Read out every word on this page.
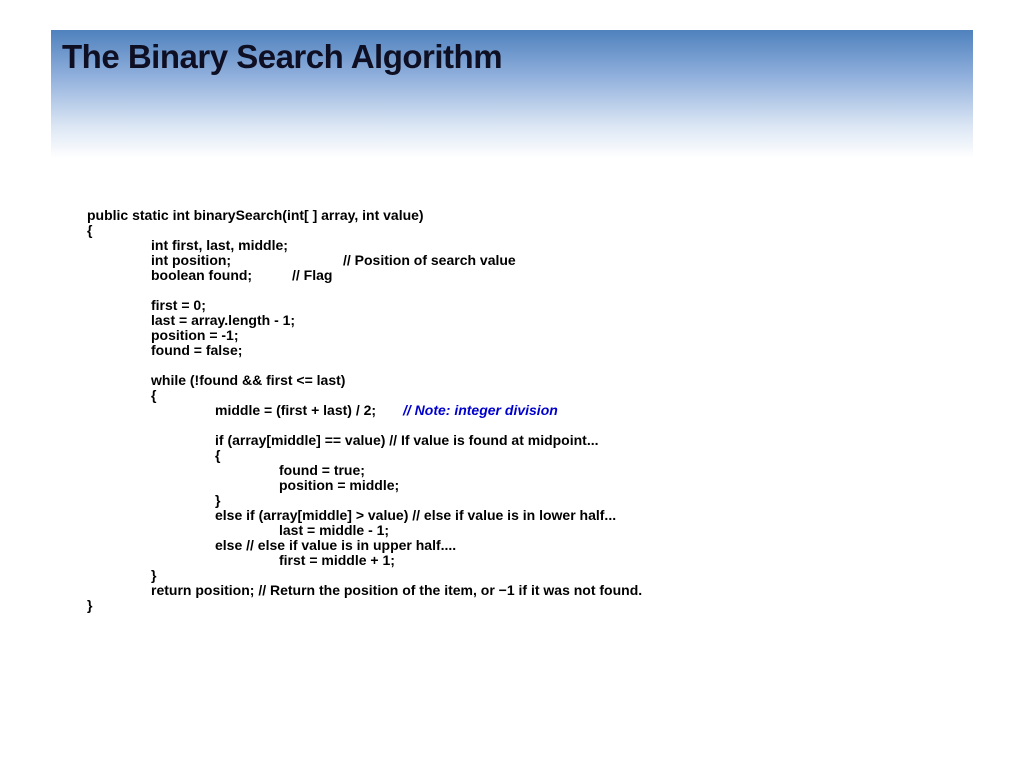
The Binary Search Algorithm
public static int binarySearch(int[ ] array, int value)
{
int first, last, middle;
int position;	// Position of search value
boolean found;	// Flag
first = 0;
last = array.length - 1;
position = -1;
found = false;
while (!found && first <= last)
{
middle = (first + last) / 2; // Note: integer division
if (array[middle] == value) // If value is found at midpoint...
{
found = true;
position = middle;
}
else if (array[middle] > value) // else if value is in lower half...
last = middle - 1;
else // else if value is in upper half....
first = middle + 1;
}
return position; // Return the position of the item, or −1 if it was not found.
}
